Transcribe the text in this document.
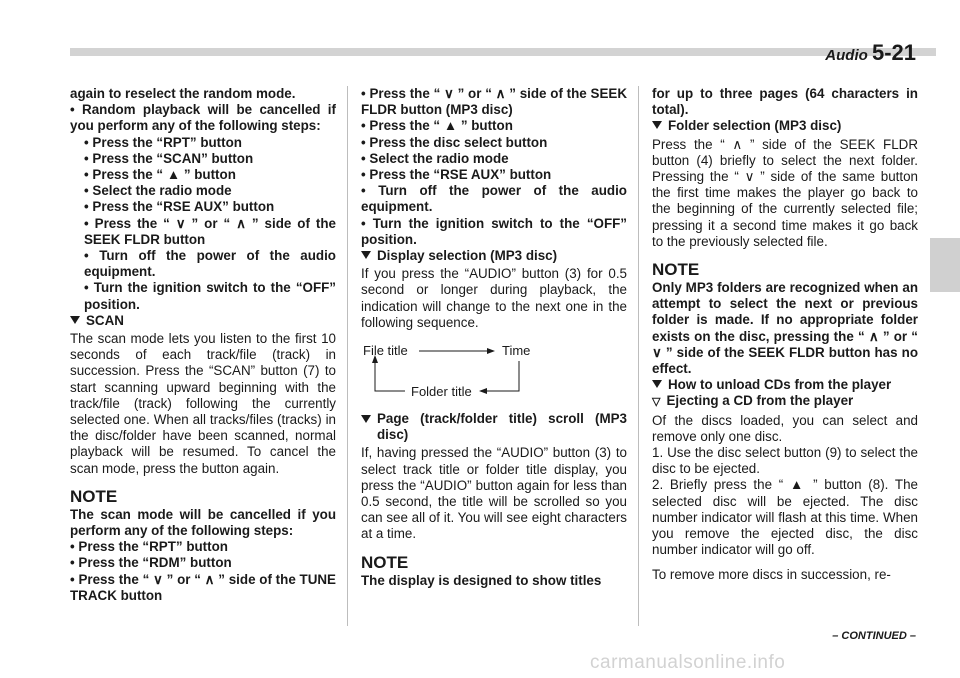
Audio 5-21

again to reselect the random mode.

• Random playback will be cancelled if you perform any of the following steps:

• Press the “RPT” button
• Press the “SCAN” button
• Press the “ ▲ ” button
• Select the radio mode
• Press the “RSE AUX” button
• Press the “ ∨ ” or “ ∧ ” side of the SEEK FLDR button
• Turn off the power of the audio equipment.
• Turn the ignition switch to the “OFF” position.

SCAN

The scan mode lets you listen to the first 10 seconds of each track/file (track) in succession. Press the “SCAN” button (7) to start scanning upward beginning with the track/file (track) following the currently selected one. When all tracks/files (tracks) in the disc/folder have been scanned, normal playback will be resumed. To cancel the scan mode, press the button again.

NOTE

The scan mode will be cancelled if you perform any of the following steps:

• Press the “RPT” button
• Press the “RDM” button
• Press the “ ∨ ” or “ ∧ ” side of the TUNE TRACK button
• Press the “ ∨ ” or “ ∧ ” side of the SEEK FLDR button (MP3 disc)
• Press the “ ▲ ” button
• Press the disc select button
• Select the radio mode
• Press the “RSE AUX” button
• Turn off the power of the audio equipment.
• Turn the ignition switch to the “OFF” position.

Display selection (MP3 disc)

If you press the “AUDIO” button (3) for 0.5 second or longer during playback, the indication will change to the next one in the following sequence.

File title	Time
Folder title

Page (track/folder title) scroll (MP3 disc)

If, having pressed the “AUDIO” button (3) to select track title or folder title display, you press the “AUDIO” button again for less than 0.5 second, the title will be scrolled so you can see all of it. You will see eight characters at a time.

NOTE

The display is designed to show titles

for up to three pages (64 characters in total).

Folder selection (MP3 disc)

Press the “ ∧ ” side of the SEEK FLDR button (4) briefly to select the next folder. Pressing the “ ∨ ” side of the same button the first time makes the player go back to the beginning of the currently selected file; pressing it a second time makes it go back to the previously selected file.

NOTE

Only MP3 folders are recognized when an attempt to select the next or previous folder is made. If no appropriate folder exists on the disc, pressing the “ ∧ ” or “ ∨ ” side of the SEEK FLDR button has no effect.

How to unload CDs from the player

▽ Ejecting a CD from the player

Of the discs loaded, you can select and remove only one disc.

1. Use the disc select button (9) to select the disc to be ejected.

2. Briefly press the “ ▲ ” button (8). The selected disc will be ejected. The disc number indicator will flash at this time. When you remove the ejected disc, the disc number indicator will go off.

To remove more discs in succession, re-

– CONTINUED –
carmanualsonline.info
